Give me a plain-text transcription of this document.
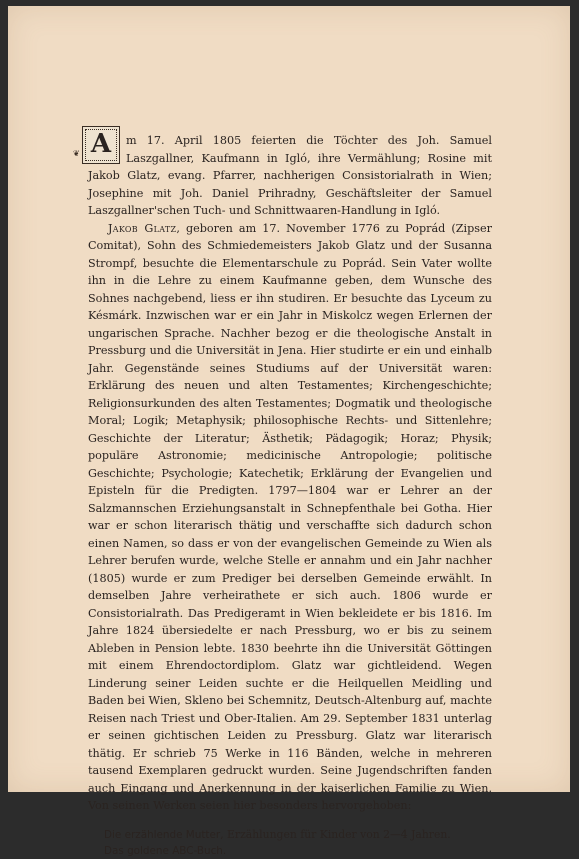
❦ A m 17. April 1805 feierten die Töchter des Joh. Samuel Laszgallner, Kaufmann in Igló, ihre Vermählung; Rosine mit Jakob Glatz, evang. Pfarrer, nachherigen Consistorialrath in Wien; Josephine mit Joh. Daniel Prihradny, Geschäftsleiter der Samuel Laszgallner'schen Tuch- und Schnittwaaren-Handlung in Igló.

Jakob Glatz, geboren am 17. November 1776 zu Poprád (Zipser Comitat), Sohn des Schmiedemeisters Jakob Glatz und der Susanna Strompf, besuchte die Elementarschule zu Poprád. Sein Vater wollte ihn in die Lehre zu einem Kaufmanne geben, dem Wunsche des Sohnes nachgebend, liess er ihn studiren. Er besuchte das Lyceum zu Késmárk. Inzwischen war er ein Jahr in Miskolcz wegen Erlernen der ungarischen Sprache. Nachher bezog er die theologische Anstalt in Pressburg und die Universität in Jena. Hier studirte er ein und einhalb Jahr. Gegenstände seines Studiums auf der Universität waren: Erklärung des neuen und alten Testamentes; Kirchengeschichte; Religionsurkunden des alten Testamentes; Dogmatik und theologische Moral; Logik; Metaphysik; philosophische Rechts- und Sittenlehre; Geschichte der Literatur; Ästhetik; Pädagogik; Horaz; Physik; populäre Astronomie; medicinische Antropologie; politische Geschichte; Psychologie; Katechetik; Erklärung der Evangelien und Episteln für die Predigten. 1797—1804 war er Lehrer an der Salzmannschen Erziehungsanstalt in Schnepfenthale bei Gotha. Hier war er schon literarisch thätig und verschaffte sich dadurch schon einen Namen, so dass er von der evangelischen Gemeinde zu Wien als Lehrer berufen wurde, welche Stelle er annahm und ein Jahr nachher (1805) wurde er zum Prediger bei derselben Gemeinde erwählt. In demselben Jahre verheirathete er sich auch. 1806 wurde er Consistorialrath. Das Predigeramt in Wien bekleidete er bis 1816. Im Jahre 1824 übersiedelte er nach Pressburg, wo er bis zu seinem Ableben in Pension lebte. 1830 beehrte ihn die Universität Göttingen mit einem Ehrendoctordiplom. Glatz war gichtleidend. Wegen Linderung seiner Leiden suchte er die Heilquellen Meidling und Baden bei Wien, Skleno bei Schemnitz, Deutsch-Altenburg auf, machte Reisen nach Triest und Ober-Italien. Am 29. September 1831 unterlag er seinen gichtischen Leiden zu Pressburg. Glatz war literarisch thätig. Er schrieb 75 Werke in 116 Bänden, welche in mehreren tausend Exemplaren gedruckt wurden. Seine Jugendschriften fanden auch Eingang und Anerkennung in der kaiserlichen Familie zu Wien. Von seinen Werken seien hier besonders hervorgehoben:

Die erzählende Mutter, Erzählungen für Kinder von 2—4 Jahren.
Das goldene ABC-Buch.
